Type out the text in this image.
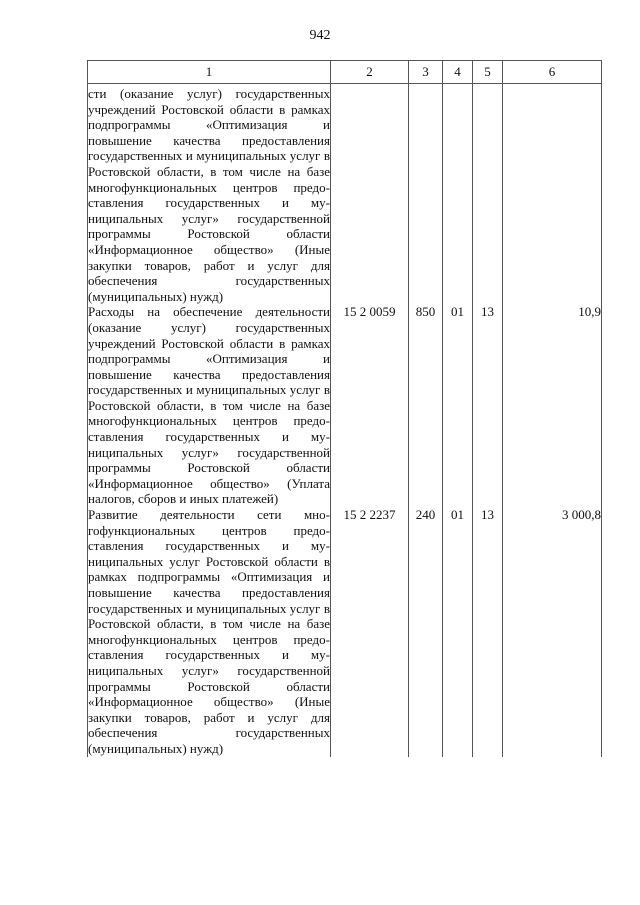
942
1	2	3	4	5	6
сти (оказание услуг) государственных учреждений Ростовской области в рамках подпрограммы «Оптимизация и повышение качества предоставления государственных и муниципальных услуг в Ростовской области, в том числе на базе многофункциональных центров предоставления государственных и муниципальных услуг» государственной программы Ростовской области «Информационное общество» (Иные закупки товаров, работ и услуг для обеспечения государственных (муниципальных) нужд)					
Расходы на обеспечение деятельности (оказание услуг) государственных учреждений Ростовской области в рамках подпрограммы «Оптимизация и повышение качества предоставления государственных и муниципальных услуг в Ростовской области, в том числе на базе многофункциональных центров предоставления государственных и муниципальных услуг» государственной программы Ростовской области «Информационное общество» (Уплата налогов, сборов и иных платежей)	15 2 0059	850	01	13	10,9
Развитие деятельности сети многофункциональных центров предоставления государственных и муниципальных услуг Ростовской области в рамках подпрограммы «Оптимизация и повышение качества предоставления государственных и муниципальных услуг в Ростовской области, в том числе на базе многофункциональных центров предоставления государственных и муниципальных услуг» государственной программы Ростовской области «Информационное общество» (Иные закупки товаров, работ и услуг для обеспечения государственных (муниципальных) нужд)	15 2 2237	240	01	13	3 000,8
